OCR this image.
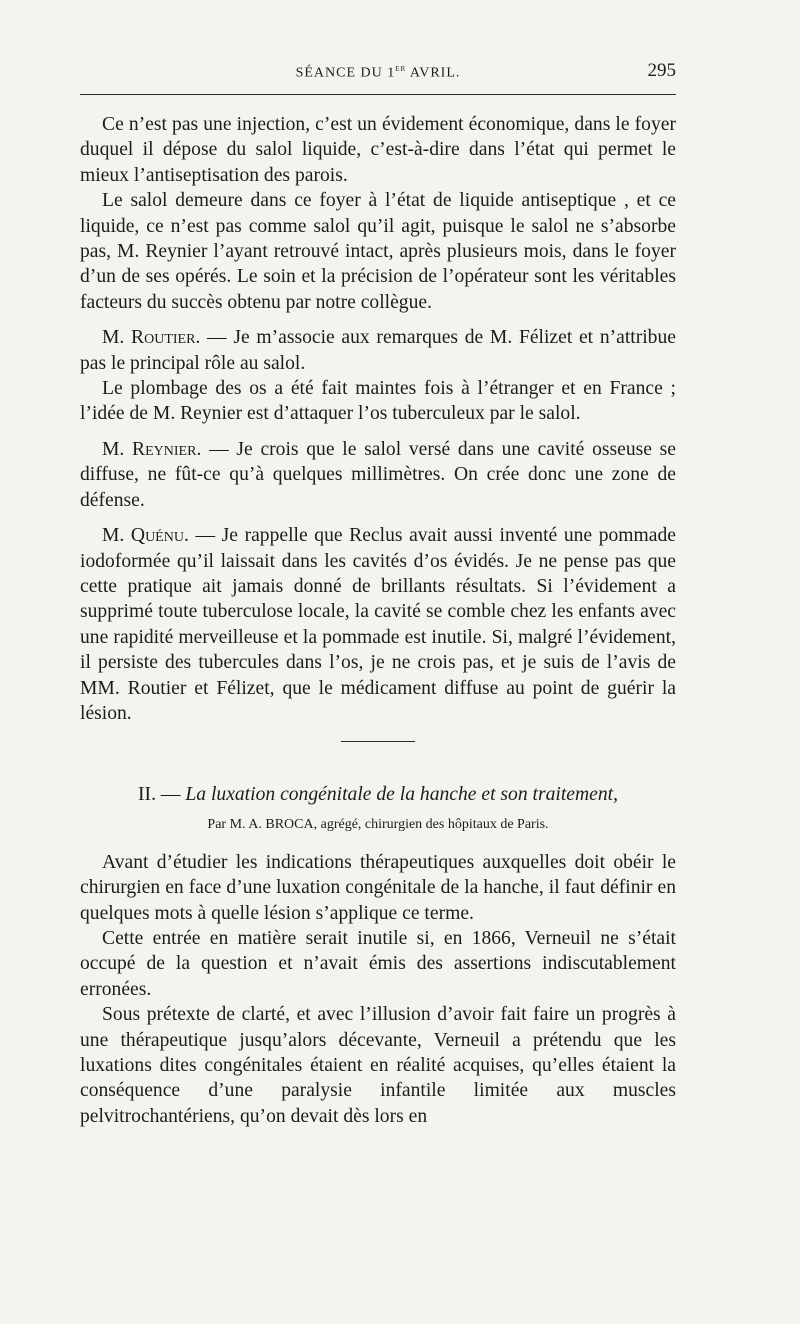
SÉANCE DU 1er AVRIL.	295

Ce n’est pas une injection, c’est un évidement économique, dans le foyer duquel il dépose du salol liquide, c’est-à-dire dans l’état qui permet le mieux l’antiseptisation des parois.

Le salol demeure dans ce foyer à l’état de liquide antiseptique , et ce liquide, ce n’est pas comme salol qu’il agit, puisque le salol ne s’absorbe pas, M. Reynier l’ayant retrouvé intact, après plusieurs mois, dans le foyer d’un de ses opérés. Le soin et la précision de l’opérateur sont les véritables facteurs du succès obtenu par notre collègue.

M. Routier. — Je m’associe aux remarques de M. Félizet et n’attribue pas le principal rôle au salol.

Le plombage des os a été fait maintes fois à l’étranger et en France ; l’idée de M. Reynier est d’attaquer l’os tuberculeux par le salol.

M. Reynier. — Je crois que le salol versé dans une cavité osseuse se diffuse, ne fût-ce qu’à quelques millimètres. On crée donc une zone de défense.

M. Quénu. — Je rappelle que Reclus avait aussi inventé une pommade iodoformée qu’il laissait dans les cavités d’os évidés. Je ne pense pas que cette pratique ait jamais donné de brillants résultats. Si l’évidement a supprimé toute tuberculose locale, la cavité se comble chez les enfants avec une rapidité merveilleuse et la pommade est inutile. Si, malgré l’évidement, il persiste des tubercules dans l’os, je ne crois pas, et je suis de l’avis de MM. Routier et Félizet, que le médicament diffuse au point de guérir la lésion.

II. — La luxation congénitale de la hanche et son traitement,

Par M. A. BROCA, agrégé, chirurgien des hôpitaux de Paris.

Avant d’étudier les indications thérapeutiques auxquelles doit obéir le chirurgien en face d’une luxation congénitale de la hanche, il faut définir en quelques mots à quelle lésion s’applique ce terme.

Cette entrée en matière serait inutile si, en 1866, Verneuil ne s’était occupé de la question et n’avait émis des assertions indiscutablement erronées.

Sous prétexte de clarté, et avec l’illusion d’avoir fait faire un progrès à une thérapeutique jusqu’alors décevante, Verneuil a prétendu que les luxations dites congénitales étaient en réalité acquises, qu’elles étaient la conséquence d’une paralysie infantile limitée aux muscles pelvitrochantériens, qu’on devait dès lors en
